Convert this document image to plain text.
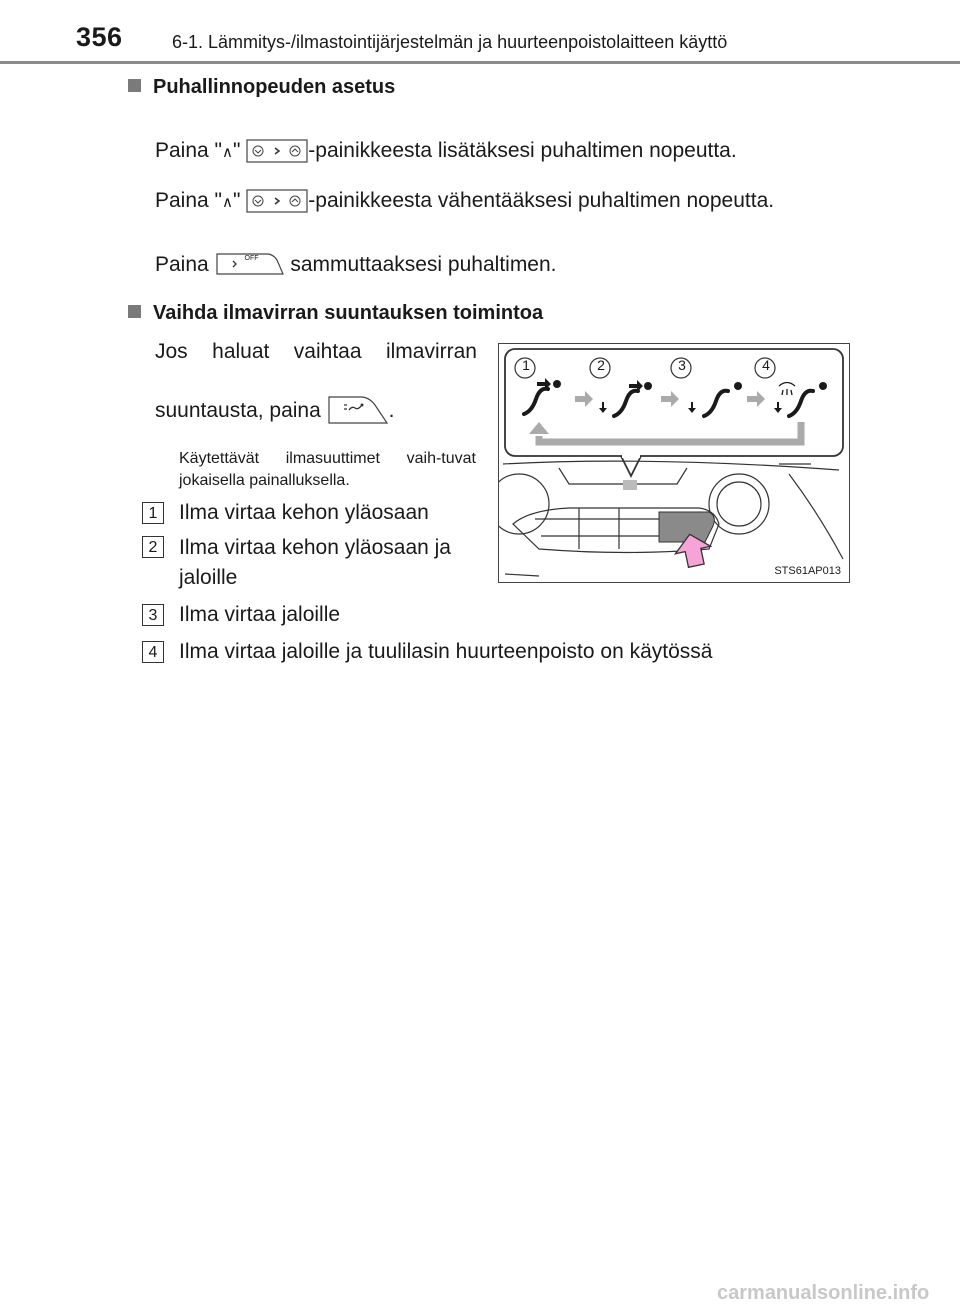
356	6-1. Lämmitys-/ilmastointijärjestelmän ja huurteenpoistolaitteen käyttö
Puhallinnopeuden asetus
Paina "∧"	-painikkeesta lisätäksesi puhaltimen nopeutta.
Paina "∧"	-painikkeesta vähentääksesi puhaltimen nopeutta.
Paina	OFF sammuttaaksesi puhaltimen.
Vaihda ilmavirran suuntauksen toimintoa
Jos haluat vaihtaa ilmavirran
suuntausta, paina	.
Käytettävät ilmasuuttimet vaih-tuvat jokaisella painalluksella.
1	Ilma virtaa kehon yläosaan
2	Ilma virtaa kehon yläosaan ja jaloille
3	Ilma virtaa jaloille
4	Ilma virtaa jaloille ja tuulilasin huurteenpoisto on käytössä
1	2	3	4
STS61AP013
carmanualsonline.info
